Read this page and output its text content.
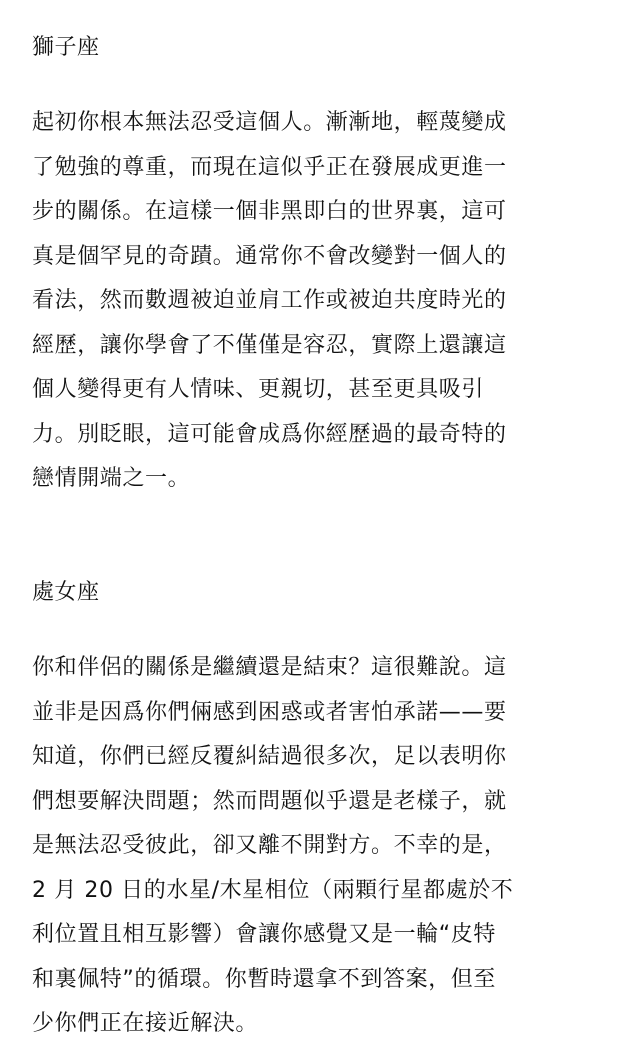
獅子座

起初你根本無法忍受這個人。漸漸地，輕蔑變成
了勉強的尊重，而現在這似乎正在發展成更進一
步的關係。在這樣一個非黑即白的世界裏，這可
真是個罕見的奇蹟。通常你不會改變對一個人的
看法，然而數週被迫並肩工作或被迫共度時光的
經歷，讓你學會了不僅僅是容忍，實際上還讓這
個人變得更有人情味、更親切，甚至更具吸引
力。別眨眼，這可能會成爲你經歷過的最奇特的
戀情開端之一。

處女座

你和伴侶的關係是繼續還是結束？這很難說。這
並非是因爲你們倆感到困惑或者害怕承諾——要
知道，你們已經反覆糾結過很多次，足以表明你
們想要解決問題；然而問題似乎還是老樣子，就
是無法忍受彼此，卻又離不開對方。不幸的是，
2 月 20 日的水星/木星相位（兩顆行星都處於不
利位置且相互影響）會讓你感覺又是一輪“皮特
和裏佩特”的循環。你暫時還拿不到答案，但至
少你們正在接近解決。
